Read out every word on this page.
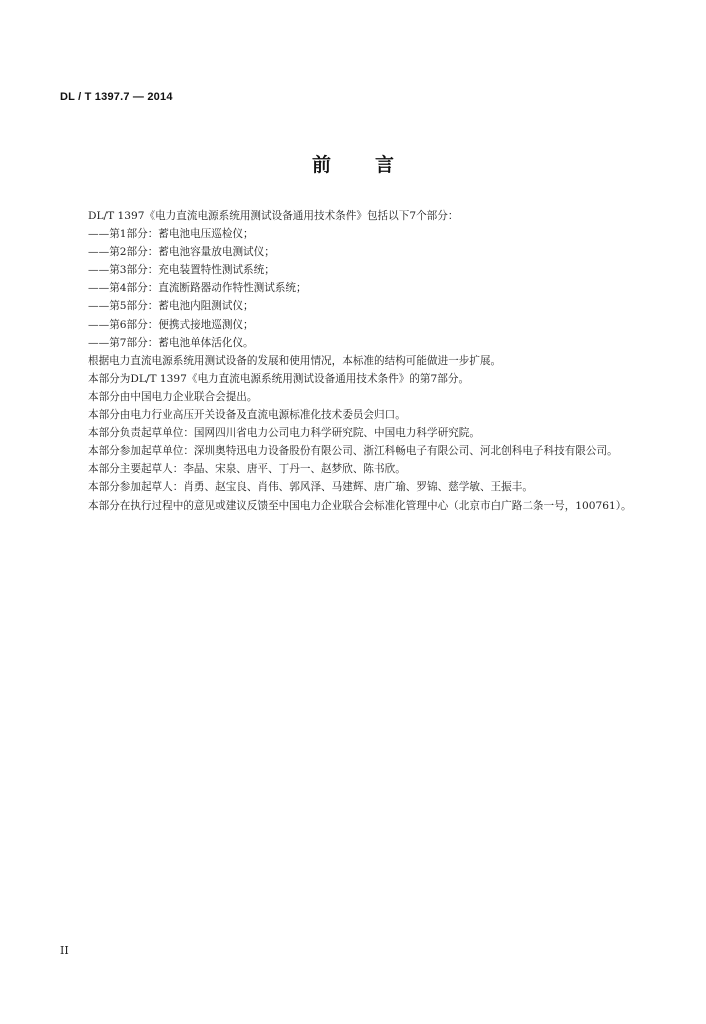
DL / T 1397.7 — 2014
前 言

DL/T 1397《电力直流电源系统用测试设备通用技术条件》包括以下7个部分：

——第1部分：蓄电池电压巡检仪；

——第2部分：蓄电池容量放电测试仪；

——第3部分：充电装置特性测试系统；

——第4部分：直流断路器动作特性测试系统；

——第5部分：蓄电池内阻测试仪；

——第6部分：便携式接地巡测仪；

——第7部分：蓄电池单体活化仪。

根据电力直流电源系统用测试设备的发展和使用情况，本标准的结构可能做进一步扩展。

本部分为DL/T 1397《电力直流电源系统用测试设备通用技术条件》的第7部分。

本部分由中国电力企业联合会提出。

本部分由电力行业高压开关设备及直流电源标准化技术委员会归口。

本部分负责起草单位：国网四川省电力公司电力科学研究院、中国电力科学研究院。

本部分参加起草单位：深圳奥特迅电力设备股份有限公司、浙江科畅电子有限公司、河北创科电子科技有限公司。

本部分主要起草人：李晶、宋泉、唐平、丁丹一、赵梦欣、陈书欣。

本部分参加起草人：肖勇、赵宝良、肖伟、郭风泽、马建辉、唐广瑜、罗锦、慈学敏、王振丰。

本部分在执行过程中的意见或建议反馈至中国电力企业联合会标准化管理中心（北京市白广路二条一号，100761）。

II
